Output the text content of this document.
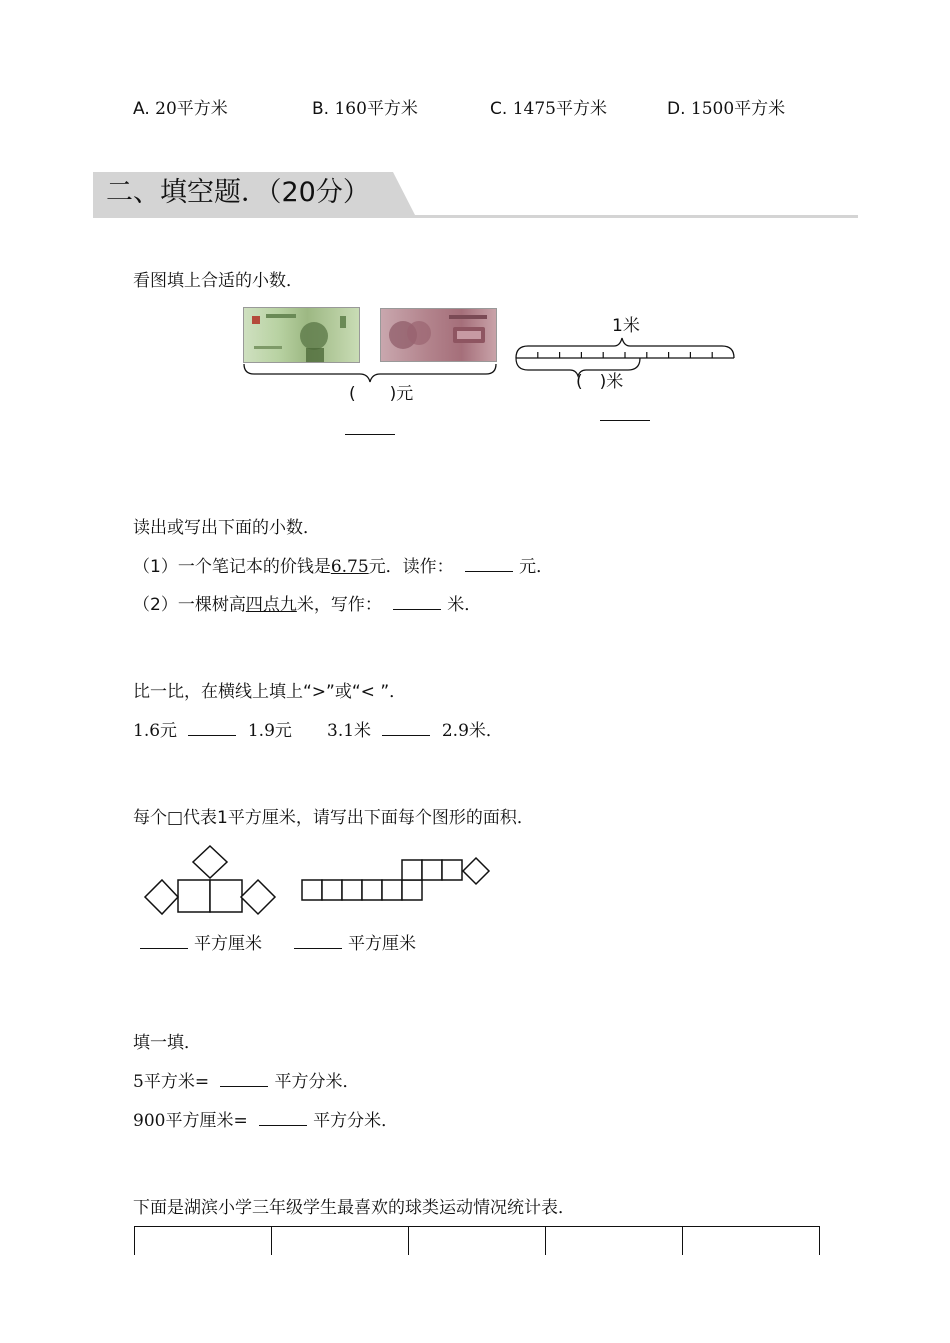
A. 20平方米	B. 160平方米	C. 1475平方米	D. 1500平方米
二、填空题．（20分）
看图填上合适的小数．
(　　)元
1米
(　)米
读出或写出下面的小数．
（1）一个笔记本的价钱是6.75元．读作：	元．
（2）一棵树高四点九米，写作：	米．
比一比，在横线上填上“>”或“< ”．
1.6元	1.9元 3.1米	2.9米．
每个□代表1平方厘米，请写出下面每个图形的面积．
平方厘米	平方厘米
填一填．
5平方米=	平方分米．
900平方厘米=	平方分米．
下面是湖滨小学三年级学生最喜欢的球类运动情况统计表．
